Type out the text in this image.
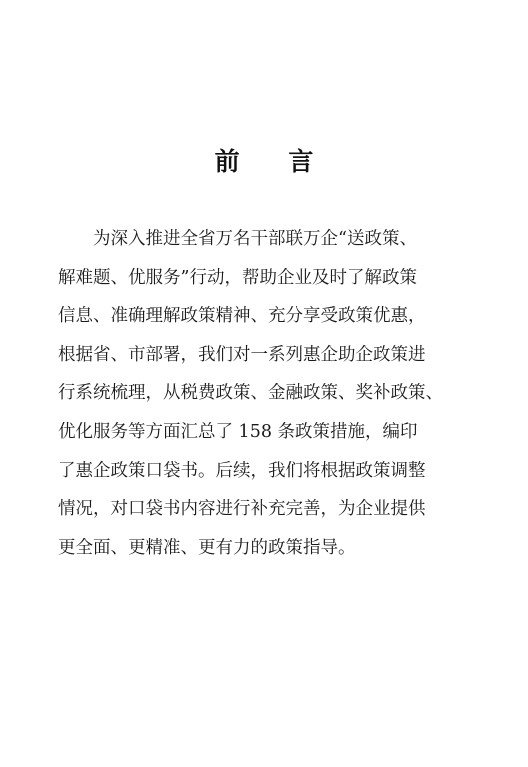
前 言
为深入推进全省万名干部联万企“送政策、
解难题、优服务”行动，帮助企业及时了解政策
信息、准确理解政策精神、充分享受政策优惠，
根据省、市部署，我们对一系列惠企助企政策进
行系统梳理，从税费政策、金融政策、奖补政策、
优化服务等方面汇总了 158 条政策措施，编印
了惠企政策口袋书。后续，我们将根据政策调整
情况，对口袋书内容进行补充完善，为企业提供
更全面、更精准、更有力的政策指导。
